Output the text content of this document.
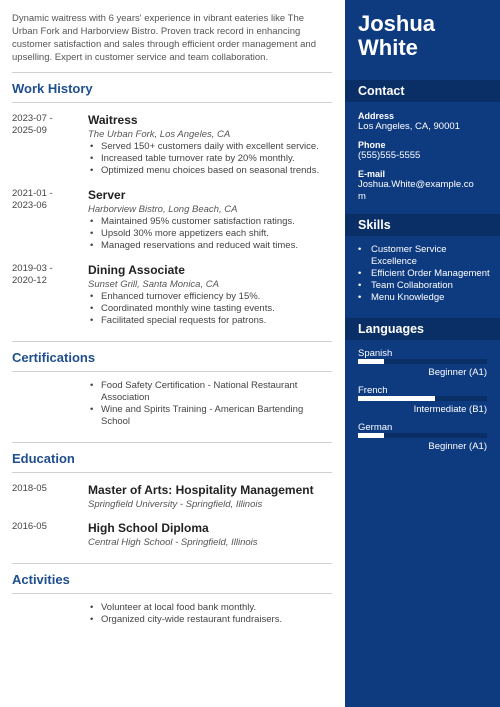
Dynamic waitress with 6 years' experience in vibrant eateries like The Urban Fork and Harborview Bistro. Proven track record in enhancing customer satisfaction and sales through efficient order management and upselling. Expert in customer service and team collaboration.

Work History
2023-07 -
2025-09
Waitress
The Urban Fork, Los Angeles, CA
• Served 150+ customers daily with excellent service.
• Increased table turnover rate by 20% monthly.
• Optimized menu choices based on seasonal trends.
2021-01 -
2023-06
Server
Harborview Bistro, Long Beach, CA
• Maintained 95% customer satisfaction ratings.
• Upsold 30% more appetizers each shift.
• Managed reservations and reduced wait times.
2019-03 -
2020-12
Dining Associate
Sunset Grill, Santa Monica, CA
• Enhanced turnover efficiency by 15%.
• Coordinated monthly wine tasting events.
• Facilitated special requests for patrons.
Certifications
• Food Safety Certification - National Restaurant Association
• Wine and Spirits Training - American Bartending School
Education
2018-05	Master of Arts: Hospitality Management
Springfield University - Springfield, Illinois
2016-05	High School Diploma
Central High School - Springfield, Illinois
Activities
• Volunteer at local food bank monthly.
• Organized city-wide restaurant fundraisers.
Joshua
White
Contact
Address
Los Angeles, CA, 90001
Phone
(555)555-5555
E-mail
Joshua.White@example.co
m
Skills
• Customer Service Excellence
• Efficient Order Management
• Team Collaboration
• Menu Knowledge
Languages
Spanish
Beginner (A1)
French
Intermediate (B1)
German
Beginner (A1)
